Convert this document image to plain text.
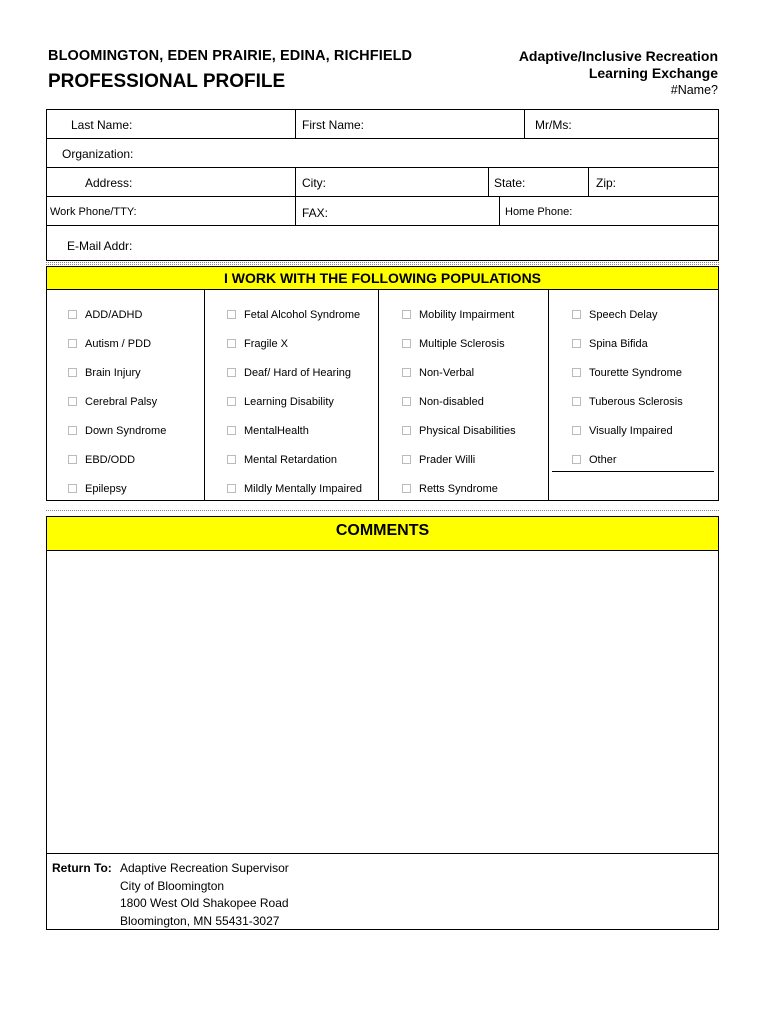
BLOOMINGTON, EDEN PRAIRIE, EDINA, RICHFIELD
PROFESSIONAL PROFILE
Adaptive/Inclusive Recreation
Learning Exchange
#Name?
Last Name:	First Name:	Mr/Ms:
Organization:
Address:	City:	State:	Zip:
Work Phone/TTY:	FAX:	Home Phone:
E-Mail Addr:
I WORK WITH THE FOLLOWING POPULATIONS
ADD/ADHD
Autism / PDD
Brain Injury
Cerebral Palsy
Down Syndrome
EBD/ODD
Epilepsy
Fetal Alcohol Syndrome
Fragile X
Deaf/ Hard of Hearing
Learning Disability
MentalHealth
Mental Retardation
Mildly Mentally Impaired
Mobility Impairment
Multiple Sclerosis
Non-Verbal
Non-disabled
Physical Disabilities
Prader Willi
Retts Syndrome
Speech Delay
Spina Bifida
Tourette Syndrome
Tuberous Sclerosis
Visually Impaired
Other
COMMENTS
Return To: Adaptive Recreation Supervisor
City of Bloomington
1800 West Old Shakopee Road
Bloomington, MN 55431-3027
